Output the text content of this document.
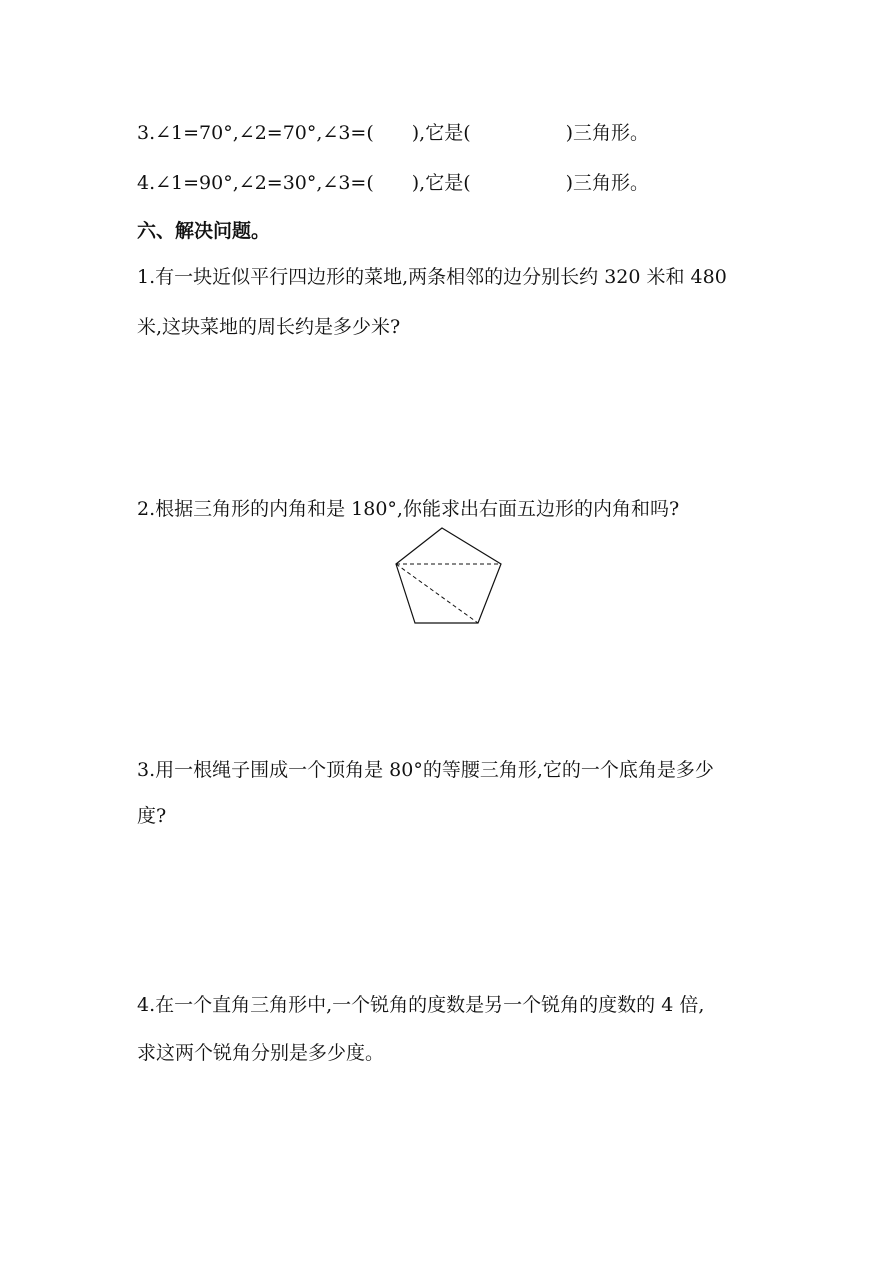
3.∠1=70°,∠2=70°,∠3=(　　),它是(　　　　　)三角形。
4.∠1=90°,∠2=30°,∠3=(　　),它是(　　　　　)三角形。
六、解决问题。
1.有一块近似平行四边形的菜地,两条相邻的边分别长约 320 米和 480
米,这块菜地的周长约是多少米?
2.根据三角形的内角和是 180°,你能求出右面五边形的内角和吗?
3.用一根绳子围成一个顶角是 80°的等腰三角形,它的一个底角是多少
度?
4.在一个直角三角形中,一个锐角的度数是另一个锐角的度数的 4 倍,
求这两个锐角分别是多少度。
